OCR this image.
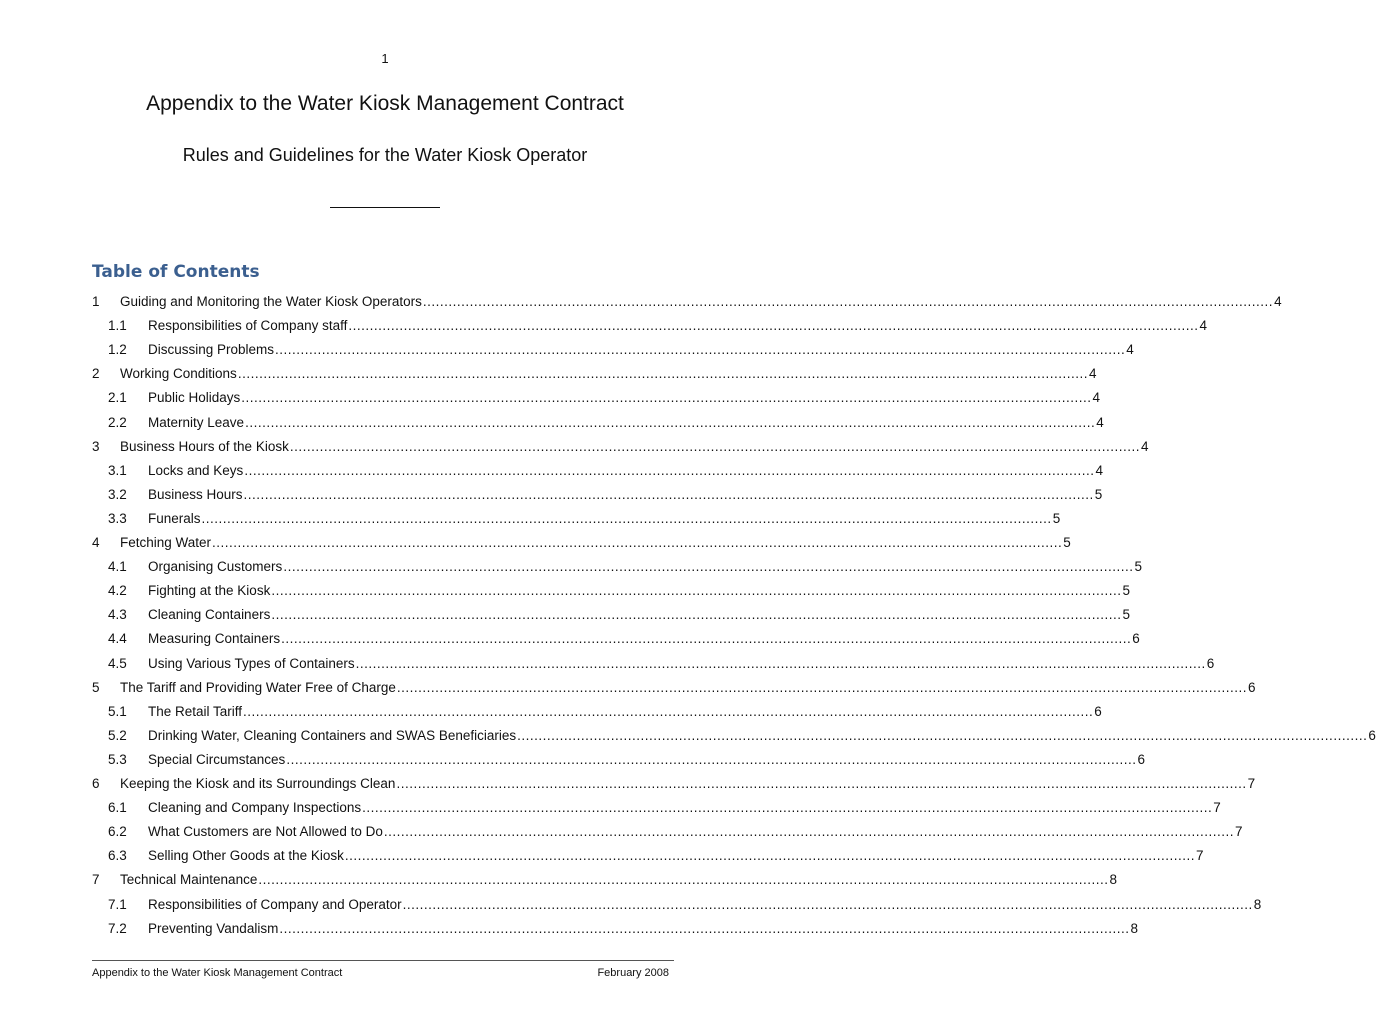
1
Appendix to the Water Kiosk Management Contract
Rules and Guidelines for the Water Kiosk Operator
Table of Contents
1	Guiding and Monitoring the Water Kiosk Operators ........................................................................................................................................................................................................ 4
1.1	Responsibilities of Company staff ........................................................................................................................................................................................................ 4
1.2	Discussing Problems ........................................................................................................................................................................................................ 4
2	Working Conditions ........................................................................................................................................................................................................ 4
2.1	Public Holidays ........................................................................................................................................................................................................ 4
2.2	Maternity Leave ........................................................................................................................................................................................................ 4
3	Business Hours of the Kiosk ........................................................................................................................................................................................................ 4
3.1	Locks and Keys ........................................................................................................................................................................................................ 4
3.2	Business Hours ........................................................................................................................................................................................................ 5
3.3	Funerals ........................................................................................................................................................................................................ 5
4	Fetching Water ........................................................................................................................................................................................................ 5
4.1	Organising Customers ........................................................................................................................................................................................................ 5
4.2	Fighting at the Kiosk ........................................................................................................................................................................................................ 5
4.3	Cleaning Containers ........................................................................................................................................................................................................ 5
4.4	Measuring Containers ........................................................................................................................................................................................................ 6
4.5	Using Various Types of Containers ........................................................................................................................................................................................................ 6
5	The Tariff and Providing Water Free of Charge ........................................................................................................................................................................................................ 6
5.1	The Retail Tariff ........................................................................................................................................................................................................ 6
5.2	Drinking Water, Cleaning Containers and SWAS Beneficiaries ........................................................................................................................................................................................................ 6
5.3	Special Circumstances ........................................................................................................................................................................................................ 6
6	Keeping the Kiosk and its Surroundings Clean ........................................................................................................................................................................................................ 7
6.1	Cleaning and Company Inspections ........................................................................................................................................................................................................ 7
6.2	What Customers are Not Allowed to Do ........................................................................................................................................................................................................ 7
6.3	Selling Other Goods at the Kiosk ........................................................................................................................................................................................................ 7
7	Technical Maintenance ........................................................................................................................................................................................................ 8
7.1	Responsibilities of Company and Operator ........................................................................................................................................................................................................ 8
7.2	Preventing Vandalism ........................................................................................................................................................................................................ 8
Appendix to the Water Kiosk Management Contract	February 2008
